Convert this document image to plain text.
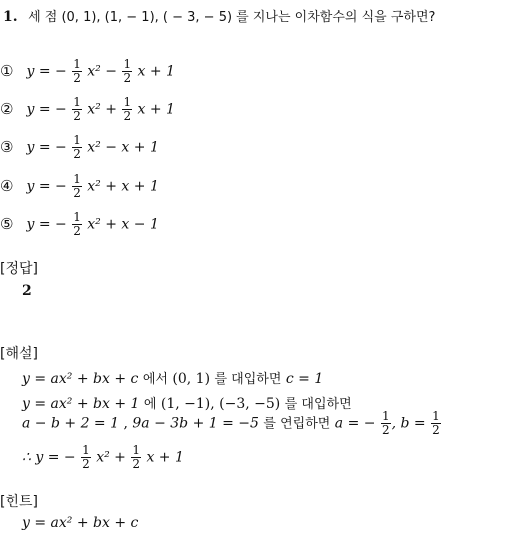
1. 세 점 (0, 1), (1, − 1), ( − 3, − 5) 를 지나는 이차함수의 식을 구하면?
① y = − $\frac{1}{2} x^2 - \frac{1}{2}$ x + 1
② y = − $\frac{1}{2} x^2 + \frac{1}{2}$ x + 1
③ y = − $\frac{1}{2} x^2 - x + 1$
④ y = − $\frac{1}{2} x^2 + x + 1$
⑤ y = − $\frac{1}{2} x^2 + x - 1$
[정답]
2
[해설]
y = ax² + bx + c 에서 (0, 1) 를 대입하면 c = 1
y = ax² + bx + 1 에 (1, −1), (−3, −5) 를 대입하면
a − b + 2 = 1 , 9a − 3b + 1 = −5 를 연립하면 a = − $\frac{1}{2}$ , $b = \frac{1}{2}$
∴ y = − $\frac{1}{2} x^2 + \frac{1}{2}$ x + 1
[힌트]
y = ax² + bx + c
